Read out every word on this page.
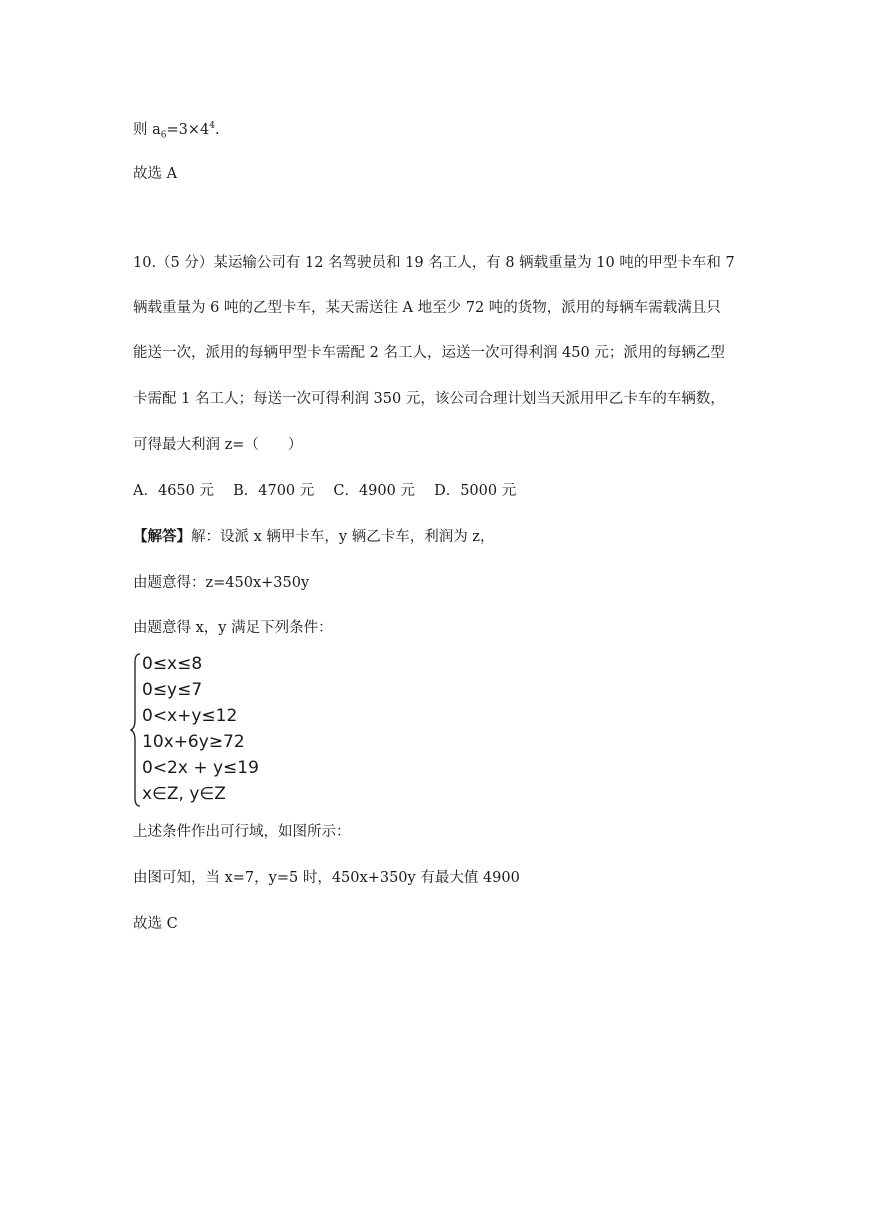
则 $a_6=3\times 4^4$.
故选 A
10.（5 分）某运输公司有 12 名驾驶员和 19 名工人，有 8 辆载重量为 10 吨的甲型卡车和 7
辆载重量为 6 吨的乙型卡车，某天需送往 A 地至少 72 吨的货物，派用的每辆车需载满且只
能送一次，派用的每辆甲型卡车需配 2 名工人，运送一次可得利润 450 元；派用的每辆乙型
卡需配 1 名工人；每送一次可得利润 350 元，该公司合理计划当天派用甲乙卡车的车辆数，
可得最大利润 z=（　　）
A．4650 元　 B．4700 元　 C．4900 元　 D．5000 元
【解答】解：设派 x 辆甲卡车，y 辆乙卡车，利润为 z，
由题意得：z=450x+350y
由题意得 x，y 满足下列条件：
0≤x≤8
0≤y≤7
0<x+y≤12
10x+6y≥72
0<2x + y≤19
x∈Z, y∈Z
上述条件作出可行域，如图所示：
由图可知，当 x=7，y=5 时，450x+350y 有最大值 4900
故选 C
